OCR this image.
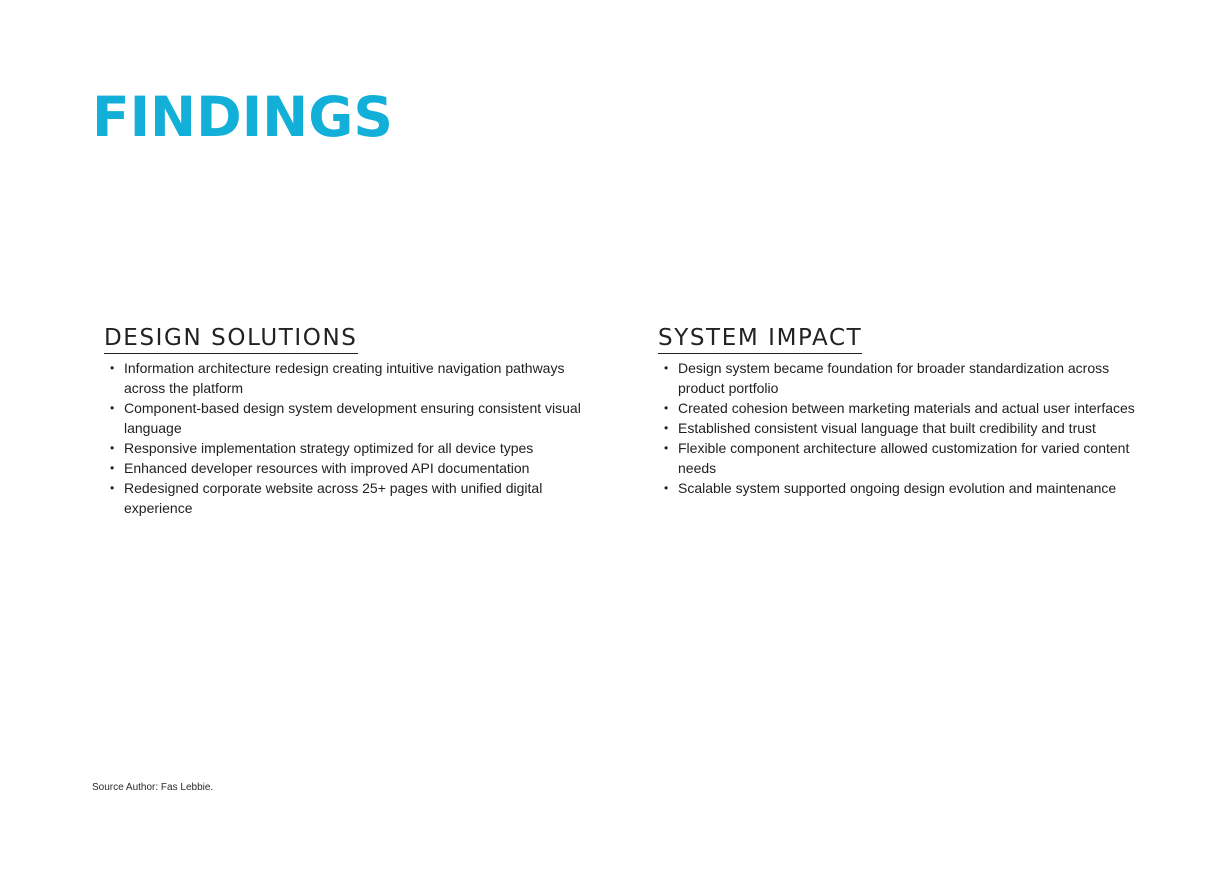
FINDINGS
DESIGN SOLUTIONS
• Information architecture redesign creating intuitive navigation pathways across the platform
• Component-based design system development ensuring consistent visual language
• Responsive implementation strategy optimized for all device types
• Enhanced developer resources with improved API documentation
• Redesigned corporate website across 25+ pages with unified digital experience
SYSTEM IMPACT
• Design system became foundation for broader standardization across product portfolio
• Created cohesion between marketing materials and actual user interfaces
• Established consistent visual language that built credibility and trust
• Flexible component architecture allowed customization for varied content needs
• Scalable system supported ongoing design evolution and maintenance
Source Author: Fas Lebbie.
